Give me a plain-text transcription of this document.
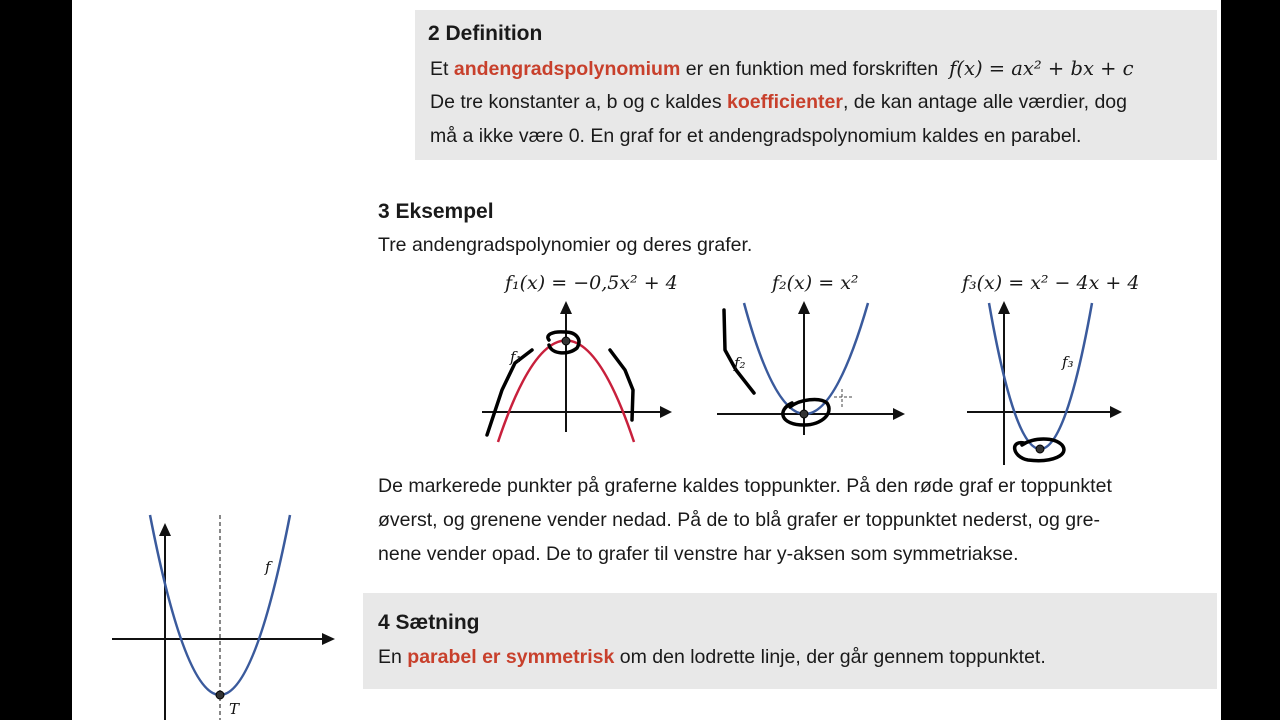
2 Definition
Et andengradspolynomium er en funktion med forskriften f(x) = ax² + bx + c
De tre konstanter a, b og c kaldes koefficienter, de kan antage alle værdier, dog
må a ikke være 0. En graf for et andengradspolynomium kaldes en parabel.
3 Eksempel
Tre andengradspolynomier og deres grafer.
f₁(x) = −0,5x² + 4	f₂(x) = x²	f₃(x) = x² − 4x + 4
f₁	f₂	f₃
De markerede punkter på graferne kaldes toppunkter. På den røde graf er toppunktet
øverst, og grenene vender nedad. På de to blå grafer er toppunktet nederst, og gre-
nene vender opad. De to grafer til venstre har y-aksen som symmetriakse.
4 Sætning
En parabel er symmetrisk om den lodrette linje, der går gennem toppunktet.
f
T
